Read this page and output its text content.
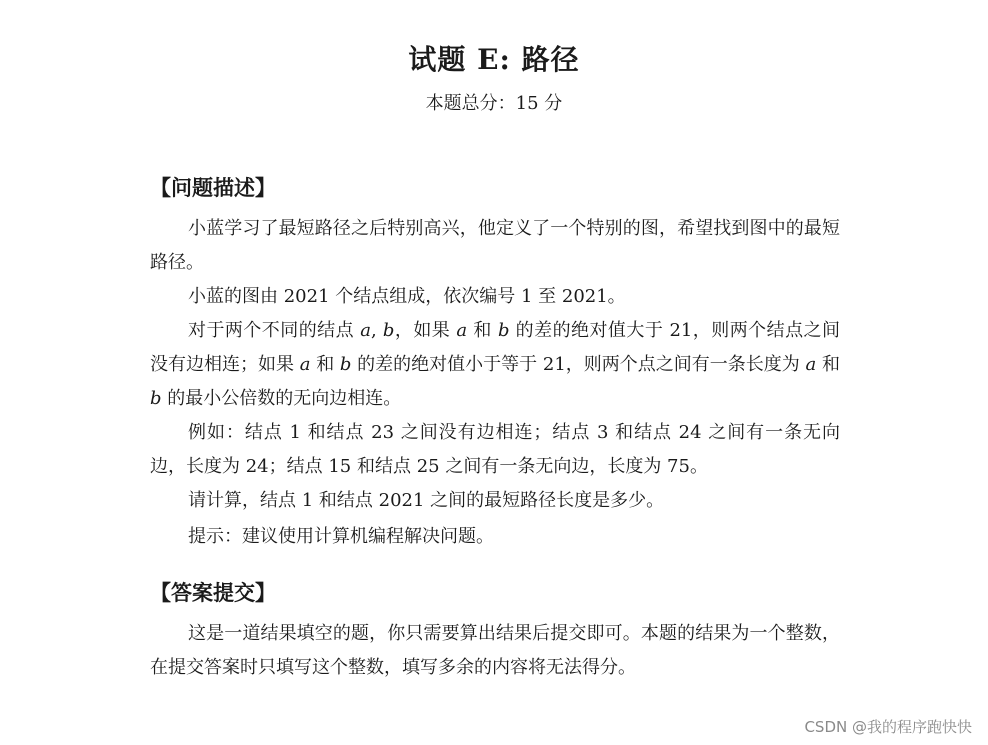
试题 E: 路径
本题总分：15 分
【问题描述】
小蓝学习了最短路径之后特别高兴，他定义了一个特别的图，希望找到图中的最短路径。
小蓝的图由 2021 个结点组成，依次编号 1 至 2021。
对于两个不同的结点 a, b，如果 a 和 b 的差的绝对值大于 21，则两个结点之间没有边相连；如果 a 和 b 的差的绝对值小于等于 21，则两个点之间有一条长度为 a 和 b 的最小公倍数的无向边相连。
例如：结点 1 和结点 23 之间没有边相连；结点 3 和结点 24 之间有一条无向边，长度为 24；结点 15 和结点 25 之间有一条无向边，长度为 75。
请计算，结点 1 和结点 2021 之间的最短路径长度是多少。
提示：建议使用计算机编程解决问题。
【答案提交】
这是一道结果填空的题，你只需要算出结果后提交即可。本题的结果为一个整数，在提交答案时只填写这个整数，填写多余的内容将无法得分。
CSDN @我的程序跑快快
